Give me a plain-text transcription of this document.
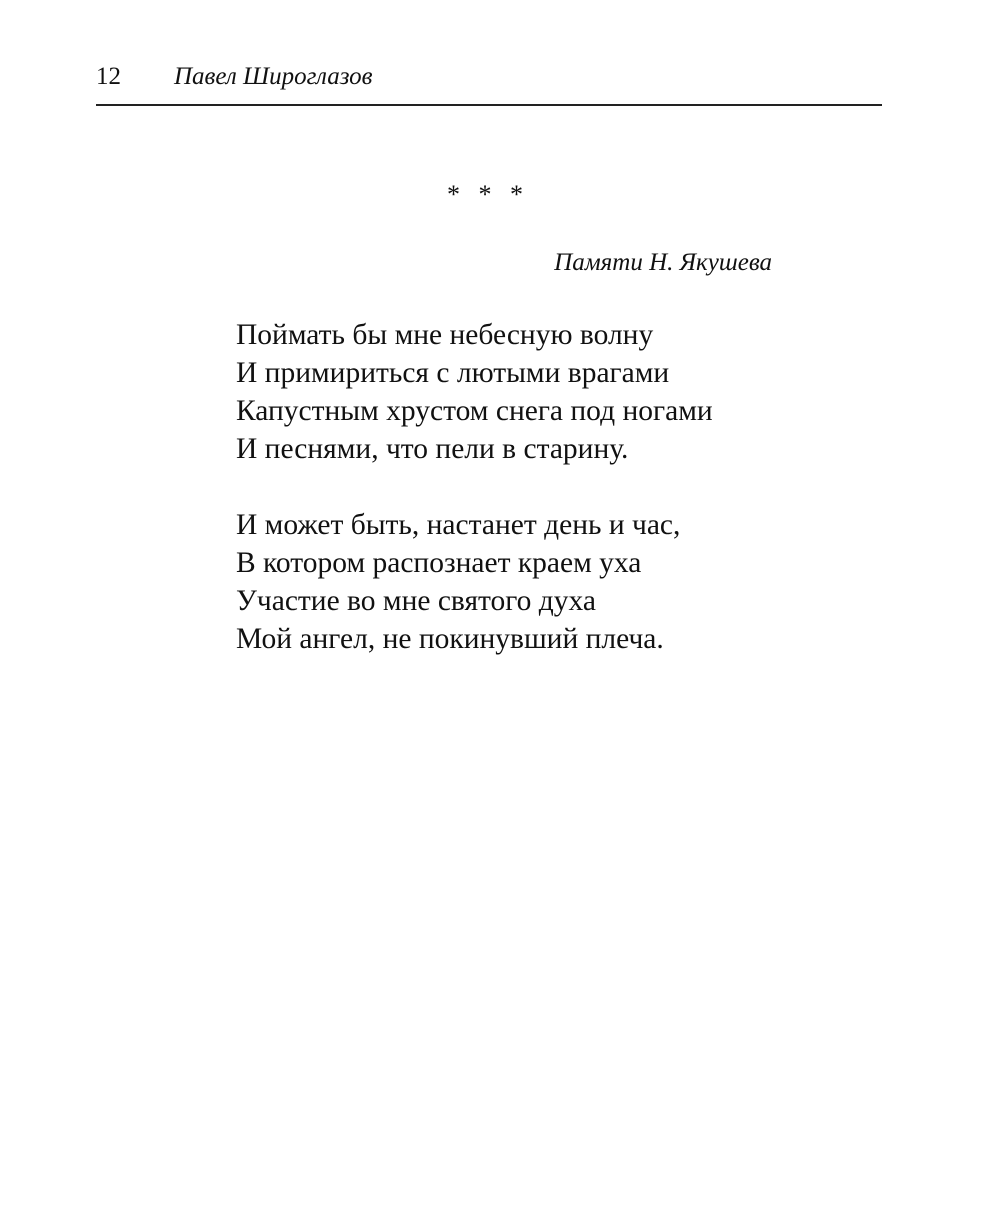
12 Павел Широглазов
* * *
Памяти Н. Якушева
Поймать бы мне небесную волну
И примириться с лютыми врагами
Капустным хрустом снега под ногами
И песнями, что пели в старину.
И может быть, настанет день и час,
В котором распознает краем уха
Участие во мне святого духа
Мой ангел, не покинувший плеча.
